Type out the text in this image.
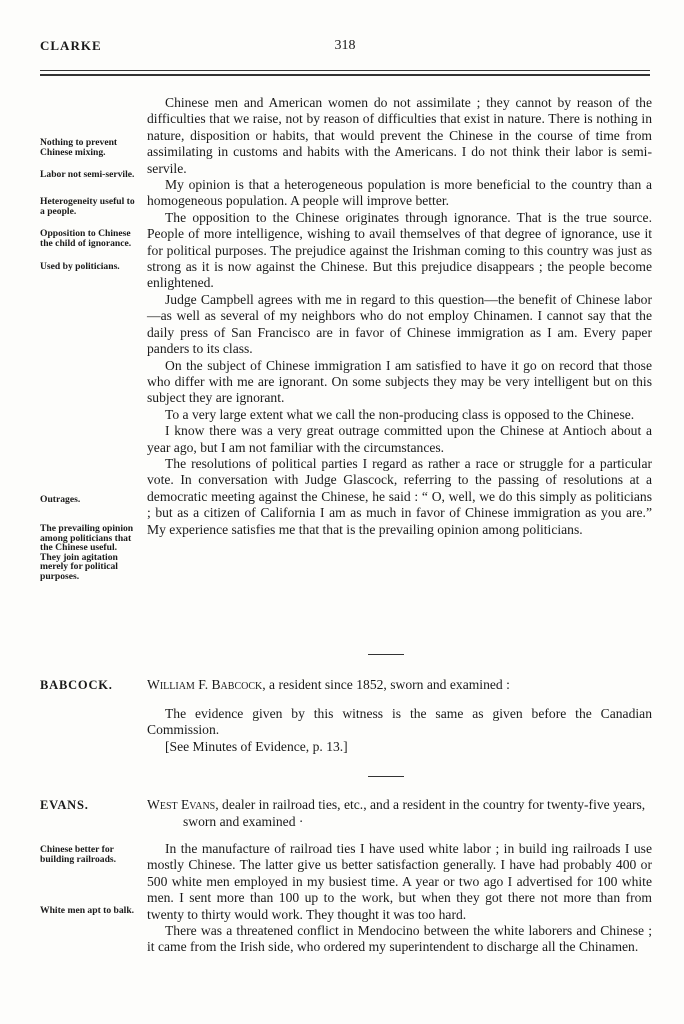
CLARKE	318
Nothing to prevent Chinese mixing.
Labor not semi-servile.
Heterogeneity useful to a people.
Opposition to Chinese the child of ignorance.
Used by politicians.
Outrages.
The prevailing opinion among politicians that the Chinese useful. They join agitation merely for political purposes.

Chinese men and American women do not assimilate ; they cannot by reason of the difficulties that we raise, not by reason of difficulties that exist in nature. There is nothing in nature, disposition or habits, that would prevent the Chinese in the course of time from assimilating in customs and habits with the Americans. I do not think their labor is semi-servile.

My opinion is that a heterogeneous population is more beneficial to the country than a homogeneous population. A people will improve better.

The opposition to the Chinese originates through ignorance. That is the true source. People of more intelligence, wishing to avail themselves of that degree of ignorance, use it for political purposes. The prejudice against the Irishman coming to this country was just as strong as it is now against the Chinese. But this prejudice disappears ; the people become enlightened.

Judge Campbell agrees with me in regard to this question—the benefit of Chinese labor—as well as several of my neighbors who do not employ Chinamen. I cannot say that the daily press of San Francisco are in favor of Chinese immigration as I am. Every paper panders to its class.

On the subject of Chinese immigration I am satisfied to have it go on record that those who differ with me are ignorant. On some subjects they may be very intelligent but on this subject they are ignorant.

To a very large extent what we call the non-producing class is opposed to the Chinese.

I know there was a very great outrage committed upon the Chinese at Antioch about a year ago, but I am not familiar with the circumstances.

The resolutions of political parties I regard as rather a race or struggle for a particular vote. In conversation with Judge Glascock, referring to the passing of resolutions at a democratic meeting against the Chinese, he said : “ O, well, we do this simply as politicians ; but as a citizen of California I am as much in favor of Chinese immigration as you are.” My experience satisfies me that that is the prevailing opinion among politicians.

BABCOCK.	William F. Babcock, a resident since 1852, sworn and examined :

The evidence given by this witness is the same as given before the Canadian Commission.

[See Minutes of Evidence, p. 13.]

EVANS.	West Evans, dealer in railroad ties, etc., and a resident in the country for twenty-five years, sworn and examined ·
Chinese better for building railroads.
White men apt to balk.

In the manufacture of railroad ties I have used white labor ; in build ing railroads I use mostly Chinese. The latter give us better satisfaction generally. I have had probably 400 or 500 white men employed in my busiest time. A year or two ago I advertised for 100 white men. I sent more than 100 up to the work, but when they got there not more than from twenty to thirty would work. They thought it was too hard.

There was a threatened conflict in Mendocino between the white laborers and Chinese ; it came from the Irish side, who ordered my superintendent to discharge all the Chinamen.
